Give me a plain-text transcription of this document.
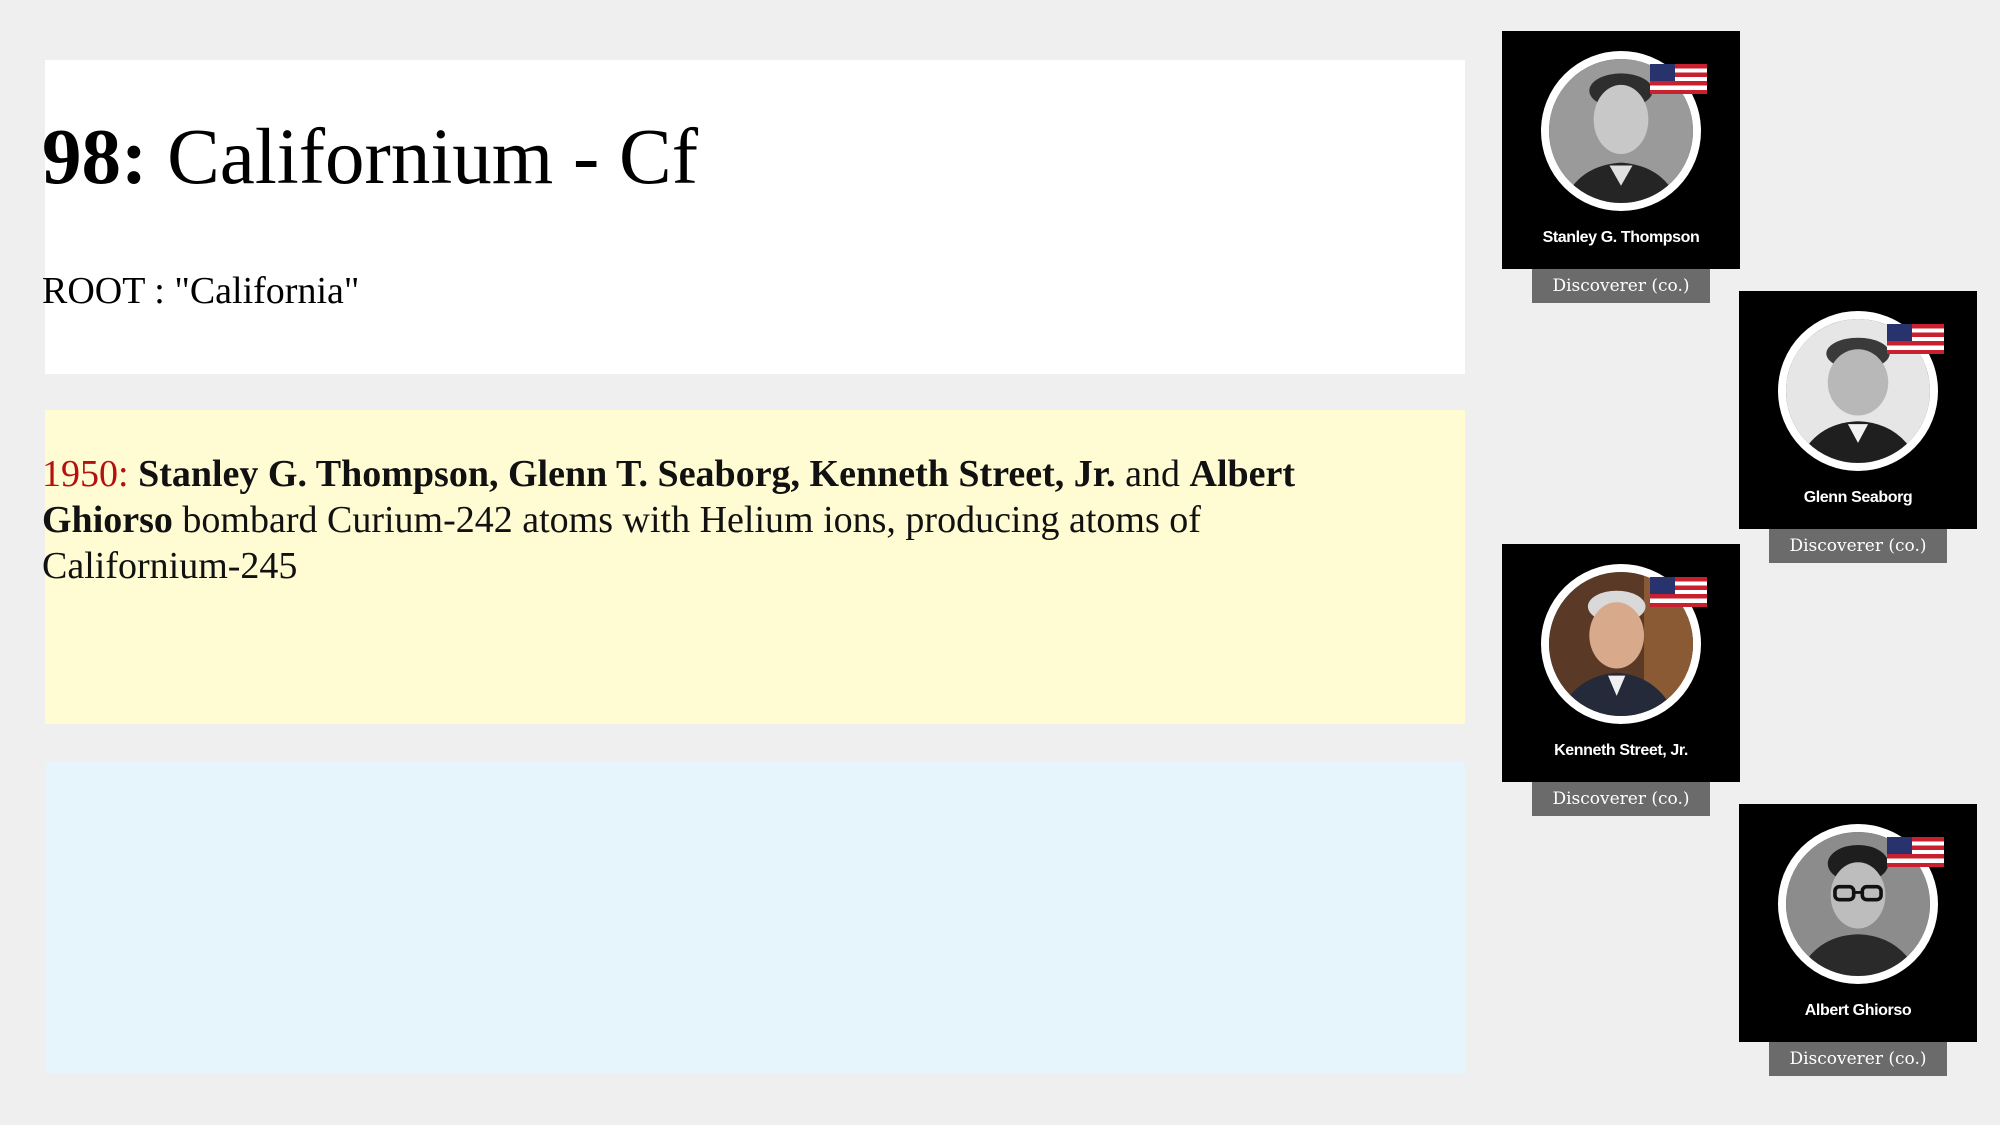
98: Californium - Cf

ROOT : "California"

1950: Stanley G. Thompson, Glenn T. Seaborg, Kenneth Street, Jr. and Albert Ghiorso bombard Curium-242 atoms with Helium ions, producing atoms of Californium-245

Stanley G. Thompson
Discoverer (co.)
Glenn Seaborg
Discoverer (co.)
Kenneth Street, Jr.
Discoverer (co.)
Albert Ghiorso
Discoverer (co.)
